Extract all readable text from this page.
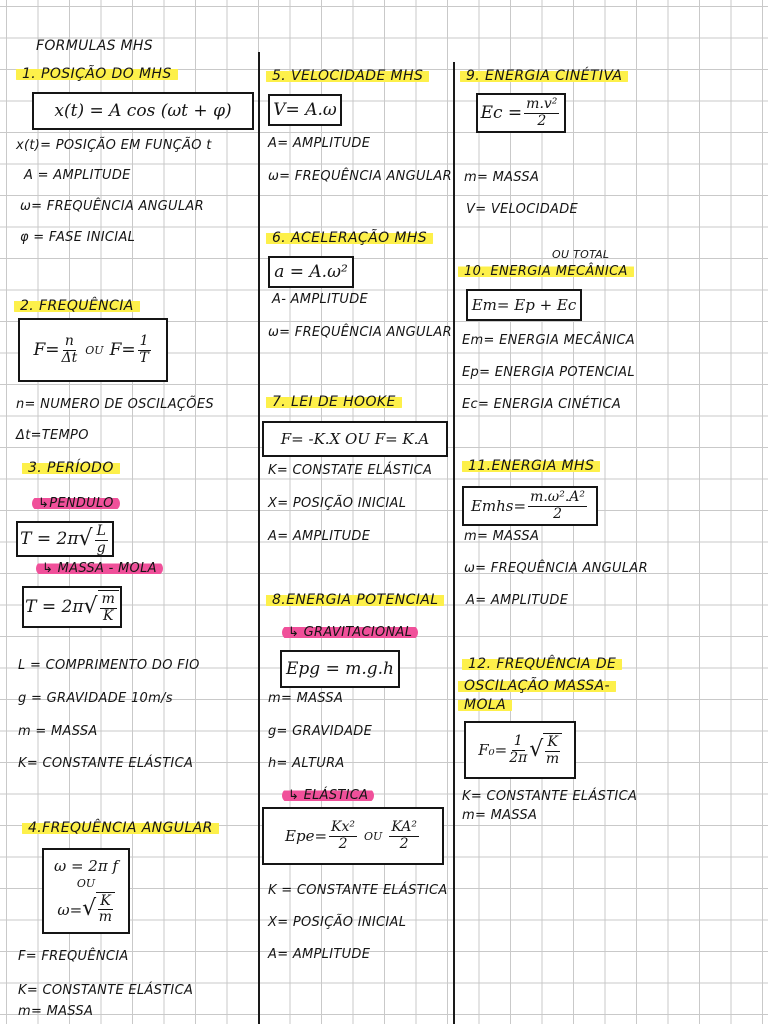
FORMULAS MHS
1. POSIÇÃO DO MHS
x(t) = A cos (ωt + φ)
x(t)= POSIÇÃO EM FUNÇÃO t
A = AMPLITUDE
ω= FREQUÊNCIA ANGULAR
φ = FASE INICIAL
2. FREQUÊNCIA
$F= \frac{n}{\Delta t}$ OU $F= \frac{1}{T}$
n= NUMERO DE OSCILAÇÕES
Δt=TEMPO
3. PERÍODO
↳PENDULO
T = 2π √ $\frac{L}{g}$
↳ MASSA - MOLA
T = 2π √ $\frac{m}{K}$
L = COMPRIMENTO DO FIO
g = GRAVIDADE 10m/s
m = MASSA
K= CONSTANTE ELÁSTICA
4.FREQUÊNCIA ANGULAR
ω = 2π f
OU
ω= √ $\frac{K}{m}$
F= FREQUÊNCIA
K= CONSTANTE ELÁSTICA
m= MASSA
5. VELOCIDADE MHS
V= A.ω
A= AMPLITUDE
ω= FREQUÊNCIA ANGULAR
6. ACELERAÇÃO MHS
a = A.ω²
A- AMPLITUDE
ω= FREQUÊNCIA ANGULAR
7. LEI DE HOOKE
F= -K.X OU F= K.A
K= CONSTATE ELÁSTICA
X= POSIÇÃO INICIAL
A= AMPLITUDE
8.ENERGIA POTENCIAL
↳ GRAVITACIONAL
Epg = m.g.h
m= MASSA
g= GRAVIDADE
h= ALTURA
↳ ELÁSTICA
$Epe= \frac{\text{Kx²}}{2}$ OU $\frac{\text{KA²}}{2}$
K = CONSTANTE ELÁSTICA
X= POSIÇÃO INICIAL
A= AMPLITUDE
9. ENERGIA CINÉTIVA
$Ec = \frac{\text{m.v²}}{2}$
m= MASSA
V= VELOCIDADE
OU TOTAL
10. ENERGIA MECÂNICA
Em= Ep + Ec
Em= ENERGIA MECÂNICA
Ep= ENERGIA POTENCIAL
Ec= ENERGIA CINÉTICA
11.ENERGIA MHS
Emhs= $\frac{\text{m.ω².A²}}{2}$
m= MASSA
ω= FREQUÊNCIA ANGULAR
A= AMPLITUDE
12. FREQUÊNCIA DE
OSCILAÇÃO MASSA-
MOLA
$F_0= \frac{1}{2\pi}$ √ $\frac{K}{m}$
K= CONSTANTE ELÁSTICA
m= MASSA
